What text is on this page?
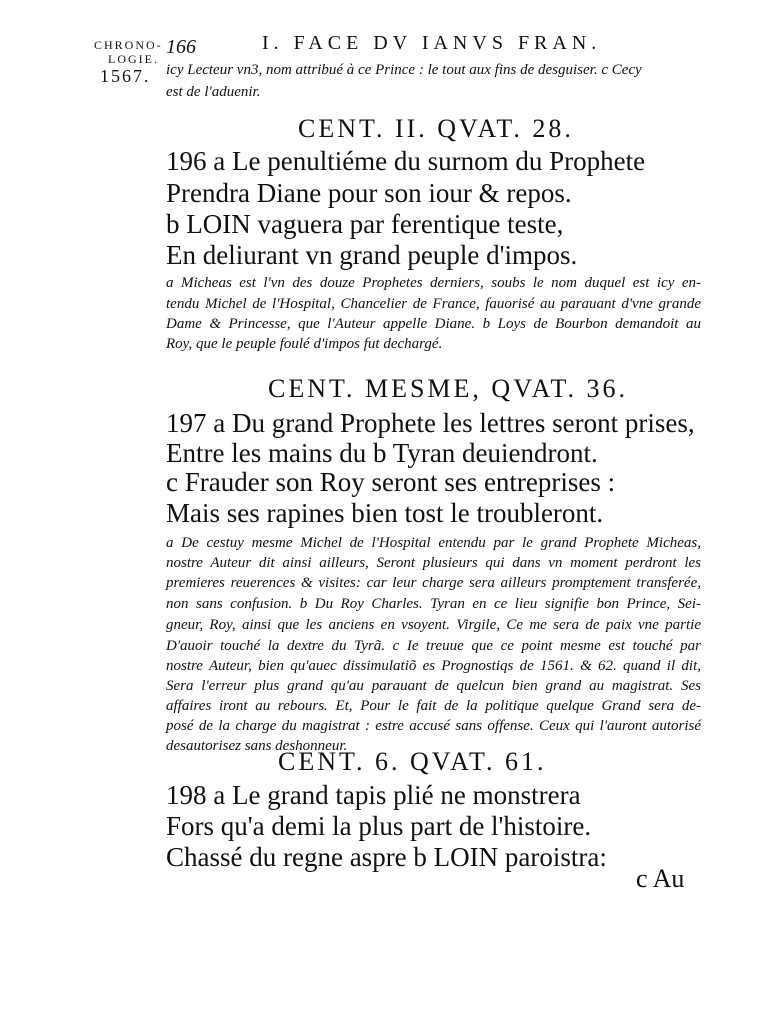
CHRONO-
LOGIE.
1567.
166	I. FACE DV IANVS FRAN.
icy Lecteur vn3, nom attribué à ce Prince : le tout aux fins de desguiser. c Cecy
est de l'aduenir.
CENT. II. QVAT. 28.
196 a Le penultiéme du surnom du Prophete
Prendra Diane pour son iour & repos.
b LOIN vaguera par ferentique teste,
En deliurant vn grand peuple d'impos.
a Micheas est l'vn des douze Prophetes derniers, soubs le nom duquel est icy en-
tendu Michel de l'Hospital, Chancelier de France, fauorisé au parauant d'vne grande
Dame & Princesse, que l'Auteur appelle Diane. b Loys de Bourbon demandoit au
Roy, que le peuple foulé d'impos fut dechargé.
CENT. MESME, QVAT. 36.
197 a Du grand Prophete les lettres seront prises,
Entre les mains du b Tyran deuiendront.
c Frauder son Roy seront ses entreprises :
Mais ses rapines bien tost le troubleront.
a De cestuy mesme Michel de l'Hospital entendu par le grand Prophete Micheas,
nostre Auteur dit ainsi ailleurs, Seront plusieurs qui dans vn moment perdront les
premieres reuerences & visites: car leur charge sera ailleurs promptement transferée,
non sans confusion. b Du Roy Charles. Tyran en ce lieu signifie bon Prince, Sei-
gneur, Roy, ainsi que les anciens en vsoyent. Virgile, Ce me sera de paix vne partie
D'auoir touché la dextre du Tyrã. c Ie treuue que ce point mesme est touché par
nostre Auteur, bien qu'auec dissimulatiõ es Prognostiqs de 1561. & 62. quand il dit,
Sera l'erreur plus grand qu'au parauant de quelcun bien grand au magistrat. Ses
affaires iront au rebours. Et, Pour le fait de la politique quelque Grand sera de-
posé de la charge du magistrat : estre accusé sans offense. Ceux qui l'auront autorisé
desautorisez sans deshonneur.
CENT. 6. QVAT. 61.
198 a Le grand tapis plié ne monstrera
Fors qu'a demi la plus part de l'histoire.
Chassé du regne aspre b LOIN paroistra:
c Au
